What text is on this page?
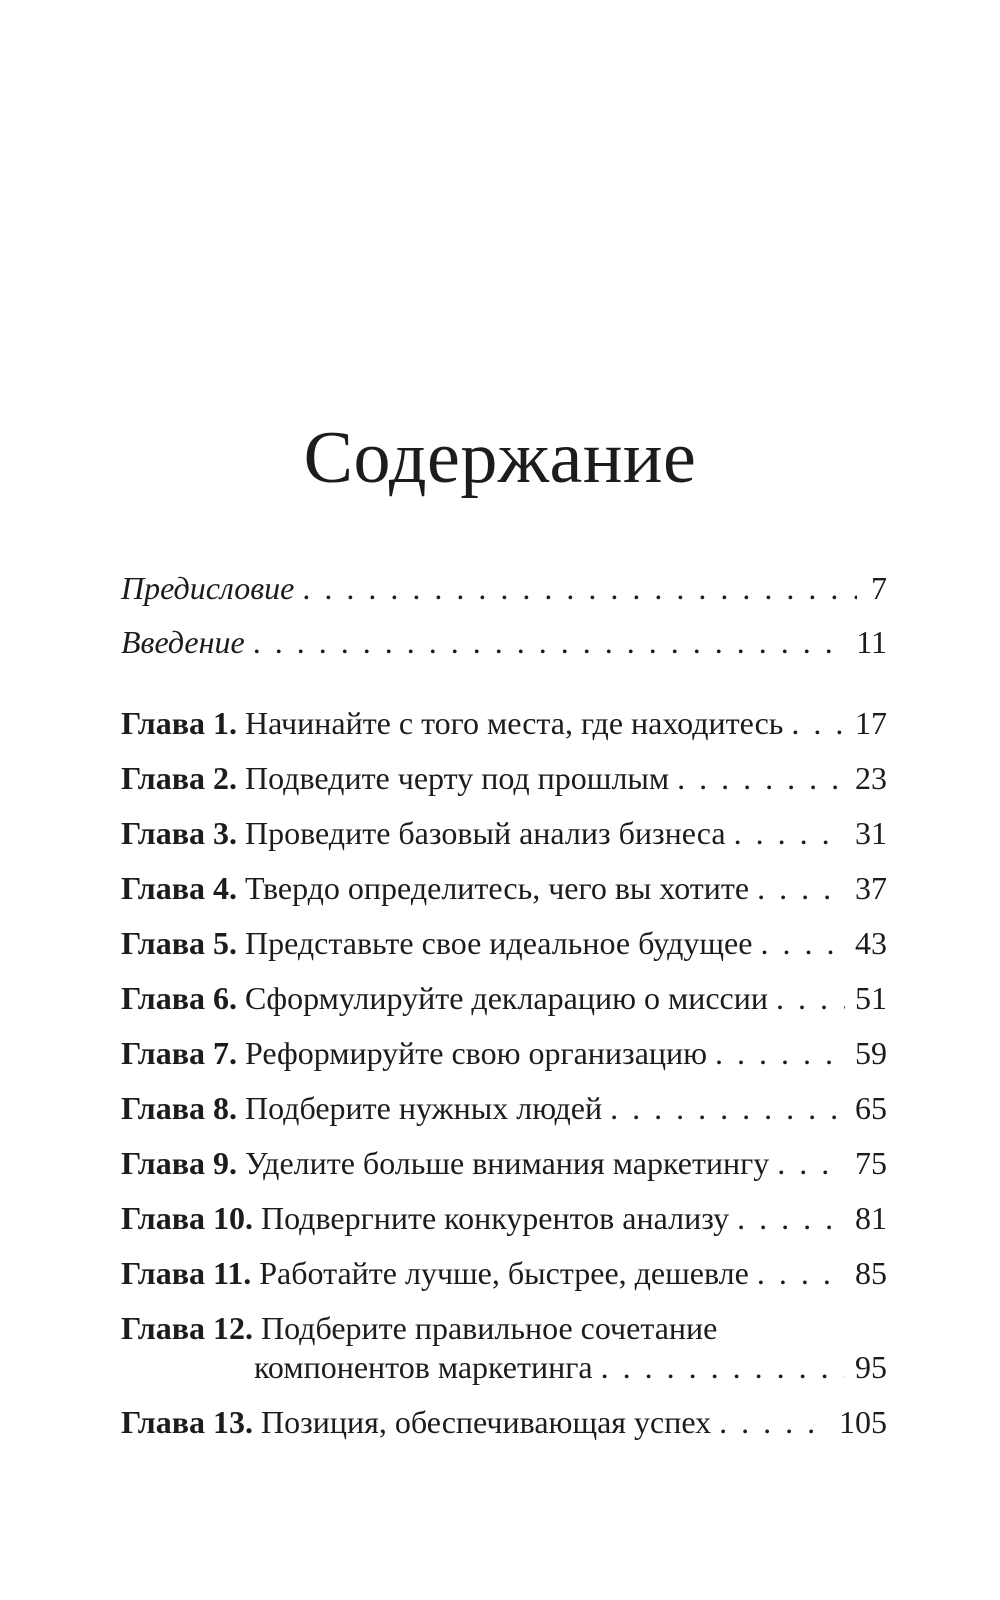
Содержание
Предисловие . . .	7
Введение . . .	11
Глава 1. Начинайте с того места, где находитесь . . . 17
Глава 2. Подведите черту под прошлым . . .	23
Глава 3. Проведите базовый анализ бизнеса . . .	31
Глава 4. Твердо определитесь, чего вы хотите . . .	37
Глава 5. Представьте свое идеальное будущее . . .	43
Глава 6. Сформулируйте декларацию о миссии . . .	51
Глава 7. Реформируйте свою организацию . . .	59
Глава 8. Подберите нужных людей . . .	65
Глава 9. Уделите больше внимания маркетингу . . .	75
Глава 10. Подвергните конкурентов анализу . . .	81
Глава 11. Работайте лучше, быстрее, дешевле . . .	85
Глава 12. Подберите правильное сочетание
компонентов маркетинга . . .	95
Глава 13. Позиция, обеспечивающая успех . . .	105
